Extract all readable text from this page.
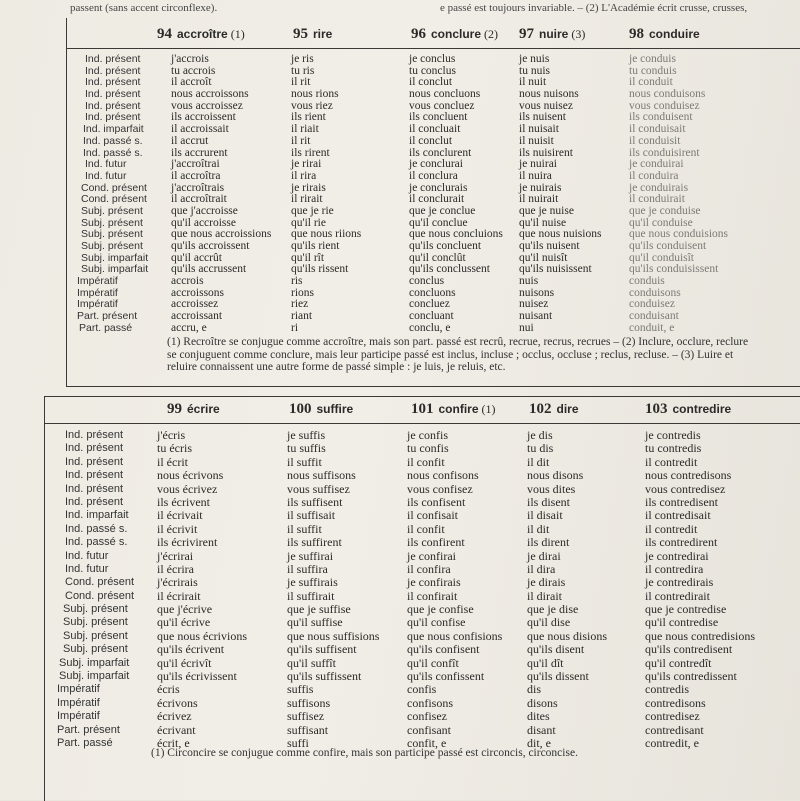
passent (sans accent circonflexe).	e passé est toujours invariable. – (2) L'Académie écrit crusse, crusses,
Ind. présent
Ind. présent
Ind. présent
Ind. présent
Ind. présent
Ind. présent
Ind. imparfait
Ind. passé s.
Ind. passé s.
Ind. futur
Ind. futur
Cond. présent
Cond. présent
Subj. présent
Subj. présent
Subj. présent
Subj. présent
Subj. imparfait
Subj. imparfait
Impératif
Impératif
Impératif
Part. présent
Part. passé
94 accroître (1)
j'accrois
tu accrois
il accroît
nous accroissons
vous accroissez
ils accroissent
il accroissait
il accrut
ils accrurent
j'accroîtrai
il accroîtra
j'accroîtrais
il accroîtrait
que j'accroisse
qu'il accroisse
que nous accroissions
qu'ils accroissent
qu'il accrût
qu'ils accrussent
accrois
accroissons
accroissez
accroissant
accru, e
95 rire
je ris
tu ris
il rit
nous rions
vous riez
ils rient
il riait
il rit
ils rirent
je rirai
il rira
je rirais
il rirait
que je rie
qu'il rie
que nous riions
qu'ils rient
qu'il rît
qu'ils rissent
ris
rions
riez
riant
ri
96 conclure (2)
je conclus
tu conclus
il conclut
nous concluons
vous concluez
ils concluent
il concluait
il conclut
ils conclurent
je conclurai
il conclura
je conclurais
il conclurait
que je conclue
qu'il conclue
que nous concluions
qu'ils concluent
qu'il conclût
qu'ils conclussent
conclus
concluons
concluez
concluant
conclu, e
97 nuire (3)
je nuis
tu nuis
il nuit
nous nuisons
vous nuisez
ils nuisent
il nuisait
il nuisit
ils nuisirent
je nuirai
il nuira
je nuirais
il nuirait
que je nuise
qu'il nuise
que nous nuisions
qu'ils nuisent
qu'il nuisît
qu'ils nuisissent
nuis
nuisons
nuisez
nuisant
nui
98 conduire
je conduis
tu conduis
il conduit
nous conduisons
vous conduisez
ils conduisent
il conduisait
il conduisit
ils conduisirent
je conduirai
il conduira
je conduirais
il conduirait
que je conduise
qu'il conduise
que nous conduisions
qu'ils conduisent
qu'il conduisît
qu'ils conduisissent
conduis
conduisons
conduisez
conduisant
conduit, e
(1) Recroître se conjugue comme accroître, mais son part. passé est recrû, recrue, recrus, recrues – (2) Inclure, occlure, reclure
se conjuguent comme conclure, mais leur participe passé est inclus, incluse ; occlus, occluse ; reclus, recluse. – (3) Luire et
reluire connaissent une autre forme de passé simple : je luis, je reluis, etc.
Ind. présent
Ind. présent
Ind. présent
Ind. présent
Ind. présent
Ind. présent
Ind. imparfait
Ind. passé s.
Ind. passé s.
Ind. futur
Ind. futur
Cond. présent
Cond. présent
Subj. présent
Subj. présent
Subj. présent
Subj. présent
Subj. imparfait
Subj. imparfait
Impératif
Impératif
Impératif
Part. présent
Part. passé
99 écrire
j'écris
tu écris
il écrit
nous écrivons
vous écrivez
ils écrivent
il écrivait
il écrivit
ils écrivirent
j'écrirai
il écrira
j'écrirais
il écrirait
que j'écrive
qu'il écrive
que nous écrivions
qu'ils écrivent
qu'il écrivît
qu'ils écrivissent
écris
écrivons
écrivez
écrivant
écrit, e
100 suffire
je suffis
tu suffis
il suffit
nous suffisons
vous suffisez
ils suffisent
il suffisait
il suffit
ils suffirent
je suffirai
il suffira
je suffirais
il suffirait
que je suffise
qu'il suffise
que nous suffisions
qu'ils suffisent
qu'il suffît
qu'ils suffissent
suffis
suffisons
suffisez
suffisant
suffi
101 confire (1)
je confis
tu confis
il confit
nous confisons
vous confisez
ils confisent
il confisait
il confit
ils confirent
je confirai
il confira
je confirais
il confirait
que je confise
qu'il confise
que nous confisions
qu'ils confisent
qu'il confît
qu'ils confissent
confis
confisons
confisez
confisant
confit, e
102 dire
je dis
tu dis
il dit
nous disons
vous dites
ils disent
il disait
il dit
ils dirent
je dirai
il dira
je dirais
il dirait
que je dise
qu'il dise
que nous disions
qu'ils disent
qu'il dît
qu'ils dissent
dis
disons
dites
disant
dit, e
103 contredire
je contredis
tu contredis
il contredit
nous contredisons
vous contredisez
ils contredisent
il contredisait
il contredit
ils contredirent
je contredirai
il contredira
je contredirais
il contredirait
que je contredise
qu'il contredise
que nous contredisions
qu'ils contredisent
qu'il contredît
qu'ils contredissent
contredis
contredisons
contredisez
contredisant
contredit, e
(1) Circoncire se conjugue comme confire, mais son participe passé est circoncis, circoncise.
